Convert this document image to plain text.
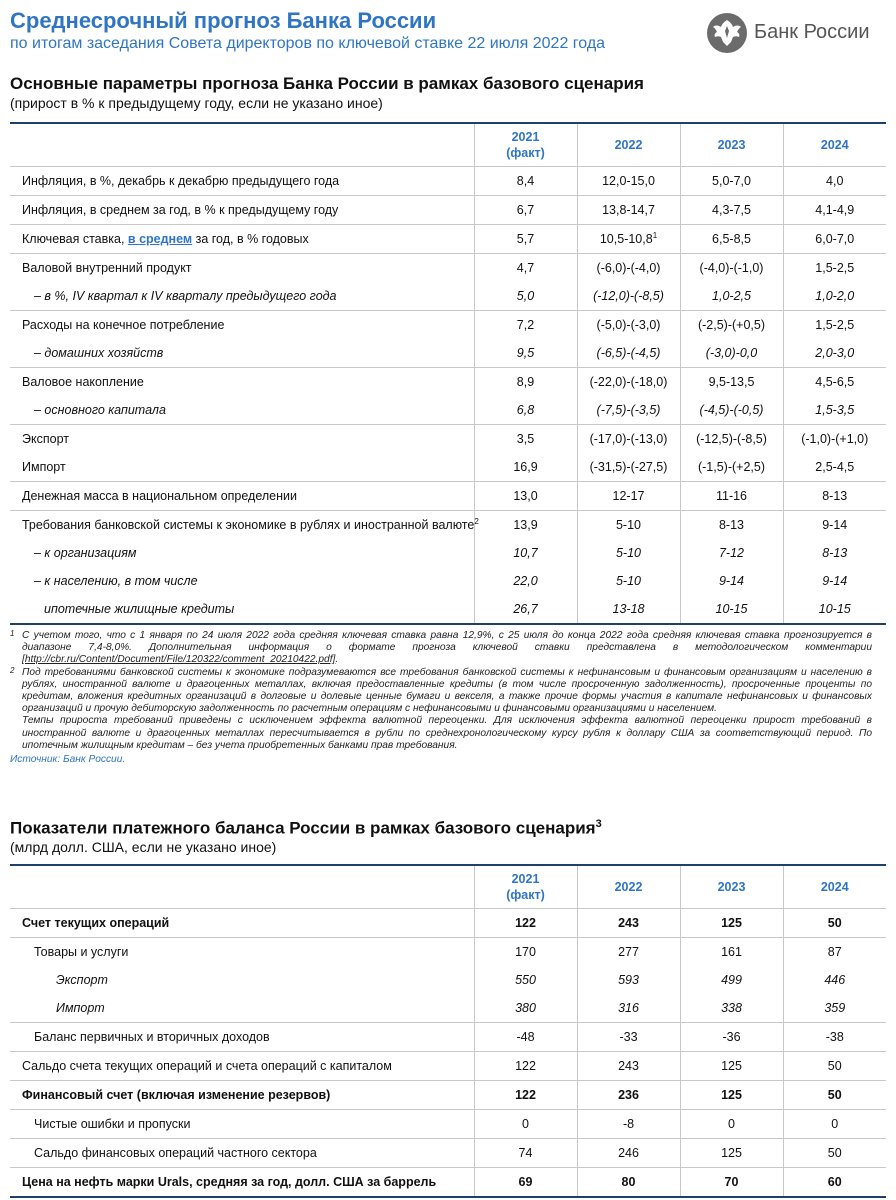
Среднесрочный прогноз Банка России
по итогам заседания Совета директоров по ключевой ставке 22 июля 2022 года
Банк России
Основные параметры прогноза Банка России в рамках базового сценария
(прирост в % к предыдущему году, если не указано иное)

	2021
(факт)	2022	2023	2024
Инфляция, в %, декабрь к декабрю предыдущего года	8,4	12,0-15,0	5,0-7,0	4,0
Инфляция, в среднем за год, в % к предыдущему году	6,7	13,8-14,7	4,3-7,5	4,1-4,9
Ключевая ставка, в среднем за год, в % годовых	5,7	10,5-10,8$^1$	6,5-8,5	6,0-7,0
Валовой внутренний продукт	4,7	(-6,0)-(-4,0)	(-4,0)-(-1,0)	1,5-2,5
– в %, IV квартал к IV кварталу предыдущего года	5,0	(-12,0)-(-8,5)	1,0-2,5	1,0-2,0
Расходы на конечное потребление	7,2	(-5,0)-(-3,0)	(-2,5)-(+0,5)	1,5-2,5
– домашних хозяйств	9,5	(-6,5)-(-4,5)	(-3,0)-0,0	2,0-3,0
Валовое накопление	8,9	(-22,0)-(-18,0)	9,5-13,5	4,5-6,5
– основного капитала	6,8	(-7,5)-(-3,5)	(-4,5)-(-0,5)	1,5-3,5
Экспорт	3,5	(-17,0)-(-13,0)	(-12,5)-(-8,5)	(-1,0)-(+1,0)
Импорт	16,9	(-31,5)-(-27,5)	(-1,5)-(+2,5)	2,5-4,5
Денежная масса в национальном определении	13,0	12-17	11-16	8-13
Требования банковской системы к экономике в рублях и иностранной валюте$^2$	13,9	5-10	8-13	9-14
– к организациям	10,7	5-10	7-12	8-13
– к населению, в том числе	22,0	5-10	9-14	9-14
ипотечные жилищные кредиты	26,7	13-18	10-15	10-15
1 С учетом того, что с 1 января по 24 июля 2022 года средняя ключевая ставка равна 12,9%, с 25 июля до конца 2022 года средняя ключевая ставка прогнозируется в диапазоне 7,4-8,0%. Дополнительная информация о формате прогноза ключевой ставки представлена в методологическом комментарии [http://cbr.ru/Content/Document/File/120322/comment_20210422.pdf].
2 Под требованиями банковской системы к экономике подразумеваются все требования банковской системы к нефинансовым и финансовым организациям и населению в рублях, иностранной валюте и драгоценных металлах, включая предоставленные кредиты (в том числе просроченную задолженность), просроченные проценты по кредитам, вложения кредитных организаций в долговые и долевые ценные бумаги и векселя, а также прочие формы участия в капитале нефинансовых и финансовых организаций и прочую дебиторскую задолженность по расчетным операциям с нефинансовыми и финансовыми организациями и населением.
Темпы прироста требований приведены с исключением эффекта валютной переоценки. Для исключения эффекта валютной переоценки прирост требований в иностранной валюте и драгоценных металлах пересчитывается в рубли по среднехронологическому курсу рубля к доллару США за соответствующий период. По ипотечным жилищным кредитам – без учета приобретенных банками прав требования.
Источник: Банк России.
Показатели платежного баланса России в рамках базового сценария$^3$
(млрд долл. США, если не указано иное)

	2021
(факт)	2022	2023	2024
Счет текущих операций	122	243	125	50
Товары и услуги	170	277	161	87
Экспорт	550	593	499	446
Импорт	380	316	338	359
Баланс первичных и вторичных доходов	-48	-33	-36	-38
Сальдо счета текущих операций и счета операций с капиталом	122	243	125	50
Финансовый счет (включая изменение резервов)	122	236	125	50
Чистые ошибки и пропуски	0	-8	0	0
Сальдо финансовых операций частного сектора	74	246	125	50
Цена на нефть марки Urals, средняя за год, долл. США за баррель	69	80	70	60
